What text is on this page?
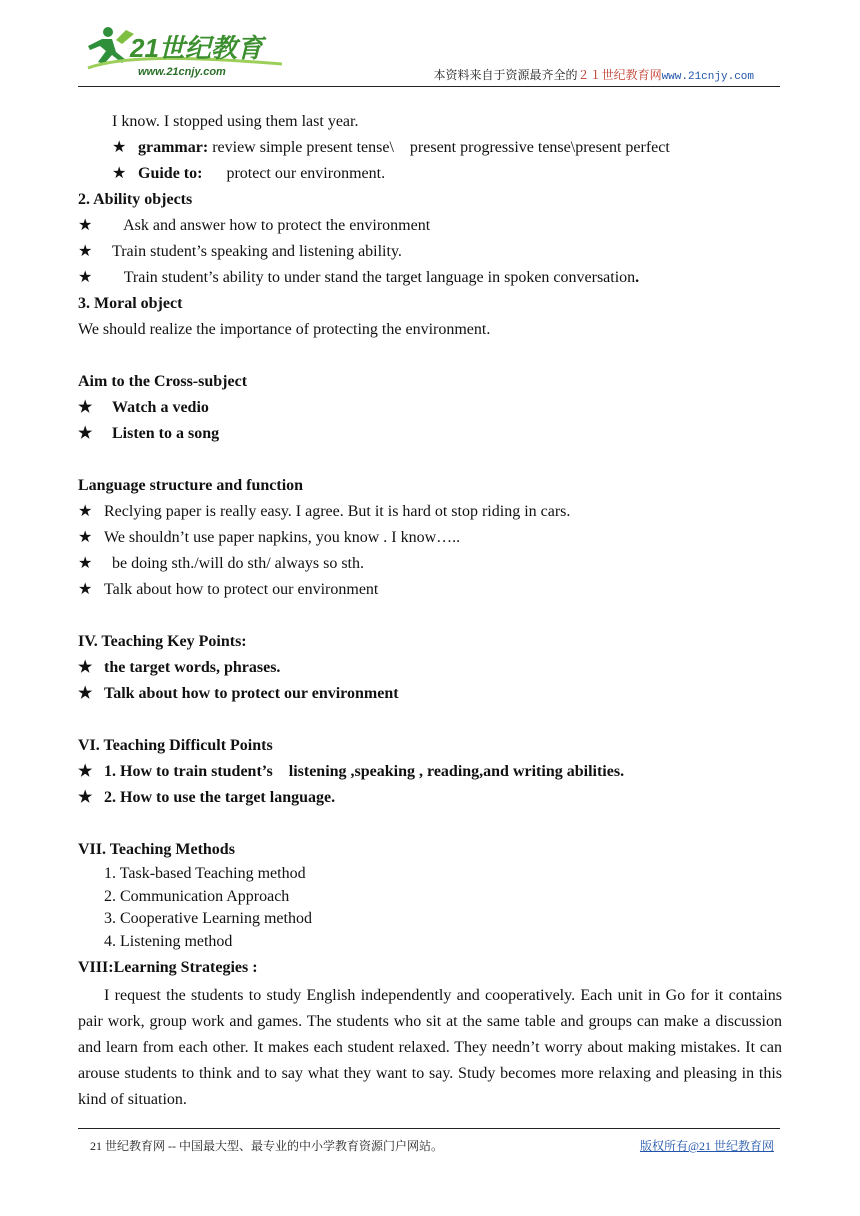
21世纪教育
www.21cnjy.com	本资料来自于资源最齐全的２１世纪教育网www.21cnjy.com
I know. I stopped using them last year.
★ grammar: review simple present tense\    present progressive tense\present perfect
★ Guide to:      protect our environment.
2. Ability objects
★   Ask and answer how to protect the environment
★ Train student’s speaking and listening ability.
★   Train student’s ability to under stand the target language in spoken conversation.
3. Moral object
We should realize the importance of protecting the environment.
Aim to the Cross-subject
★ Watch a vedio
★ Listen to a song
Language structure and function
★ Reclying paper is really easy. I agree. But it is hard ot stop riding in cars.
★ We shouldn’t use paper napkins, you know . I know…..
★  be doing sth./will do sth/ always so sth.
★ Talk about how to protect our environment
IV. Teaching Key Points:
★ the target words, phrases.
★ Talk about how to protect our environment
VI. Teaching Difficult Points
★ 1. How to train student’s    listening ,speaking , reading,and writing abilities.
★ 2. How to use the target language.
VII. Teaching Methods
1. Task-based Teaching method
2. Communication Approach
3. Cooperative Learning method
4. Listening method
VIII:Learning Strategies :
I request the students to study English independently and cooperatively. Each unit in Go for it contains pair work, group work and games. The students who sit at the same table and groups can make a discussion and learn from each other. It makes each student relaxed. They needn’t worry about making mistakes. It can arouse students to think and to say what they want to say. Study becomes more relaxing and pleasing in this kind of situation.
21 世纪教育网 -- 中国最大型、最专业的中小学教育资源门户网站。	版权所有@21 世纪教育网
